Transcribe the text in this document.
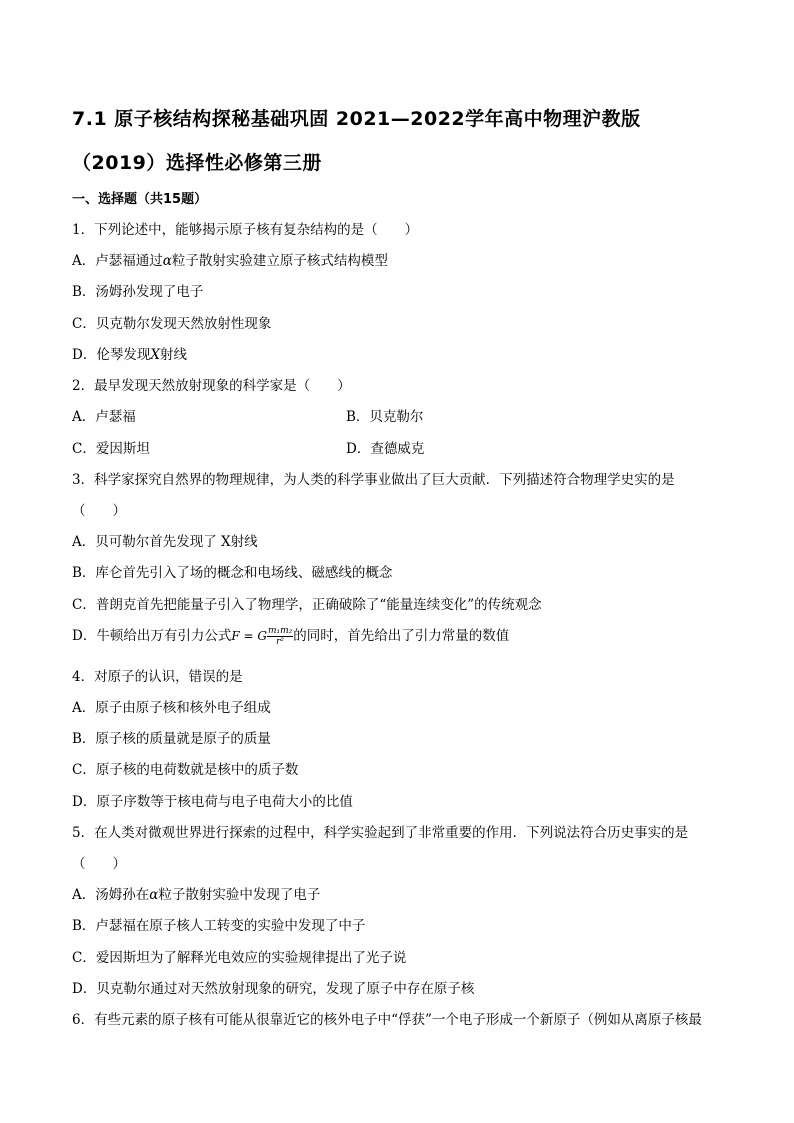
7.1 原子核结构探秘基础巩固 2021—2022学年高中物理沪教版
（2019）选择性必修第三册
一、选择题（共15题）
1．下列论述中，能够揭示原子核有复杂结构的是（　　）
A．卢瑟福通过α粒子散射实验建立原子核式结构模型
B．汤姆孙发现了电子
C．贝克勒尔发现天然放射性现象
D．伦琴发现X射线
2．最早发现天然放射现象的科学家是（　　）
A．卢瑟福	B．贝克勒尔
C．爱因斯坦	D．查德威克
3．科学家探究自然界的物理规律，为人类的科学事业做出了巨大贡献．下列描述符合物理学史实的是
（　　）
A．贝可勒尔首先发现了 X射线
B．库仑首先引入了场的概念和电场线、磁感线的概念
C．普朗克首先把能量子引入了物理学，正确破除了“能量连续变化”的传统观念
D．牛顿给出万有引力公式F = G $\frac{\text{m₁m₂}}{\text{r²}}$ 的同时，首先给出了引力常量的数值
4．对原子的认识，错误的是
A．原子由原子核和核外电子组成
B．原子核的质量就是原子的质量
C．原子核的电荷数就是核中的质子数
D．原子序数等于核电荷与电子电荷大小的比值
5．在人类对微观世界进行探索的过程中，科学实验起到了非常重要的作用．下列说法符合历史事实的是
（　　）
A．汤姆孙在α粒子散射实验中发现了电子
B．卢瑟福在原子核人工转变的实验中发现了中子
C．爱因斯坦为了解释光电效应的实验规律提出了光子说
D．贝克勒尔通过对天然放射现象的研究，发现了原子中存在原子核
6．有些元素的原子核有可能从很靠近它的核外电子中“俘获”一个电子形成一个新原子（例如从离原子核最
